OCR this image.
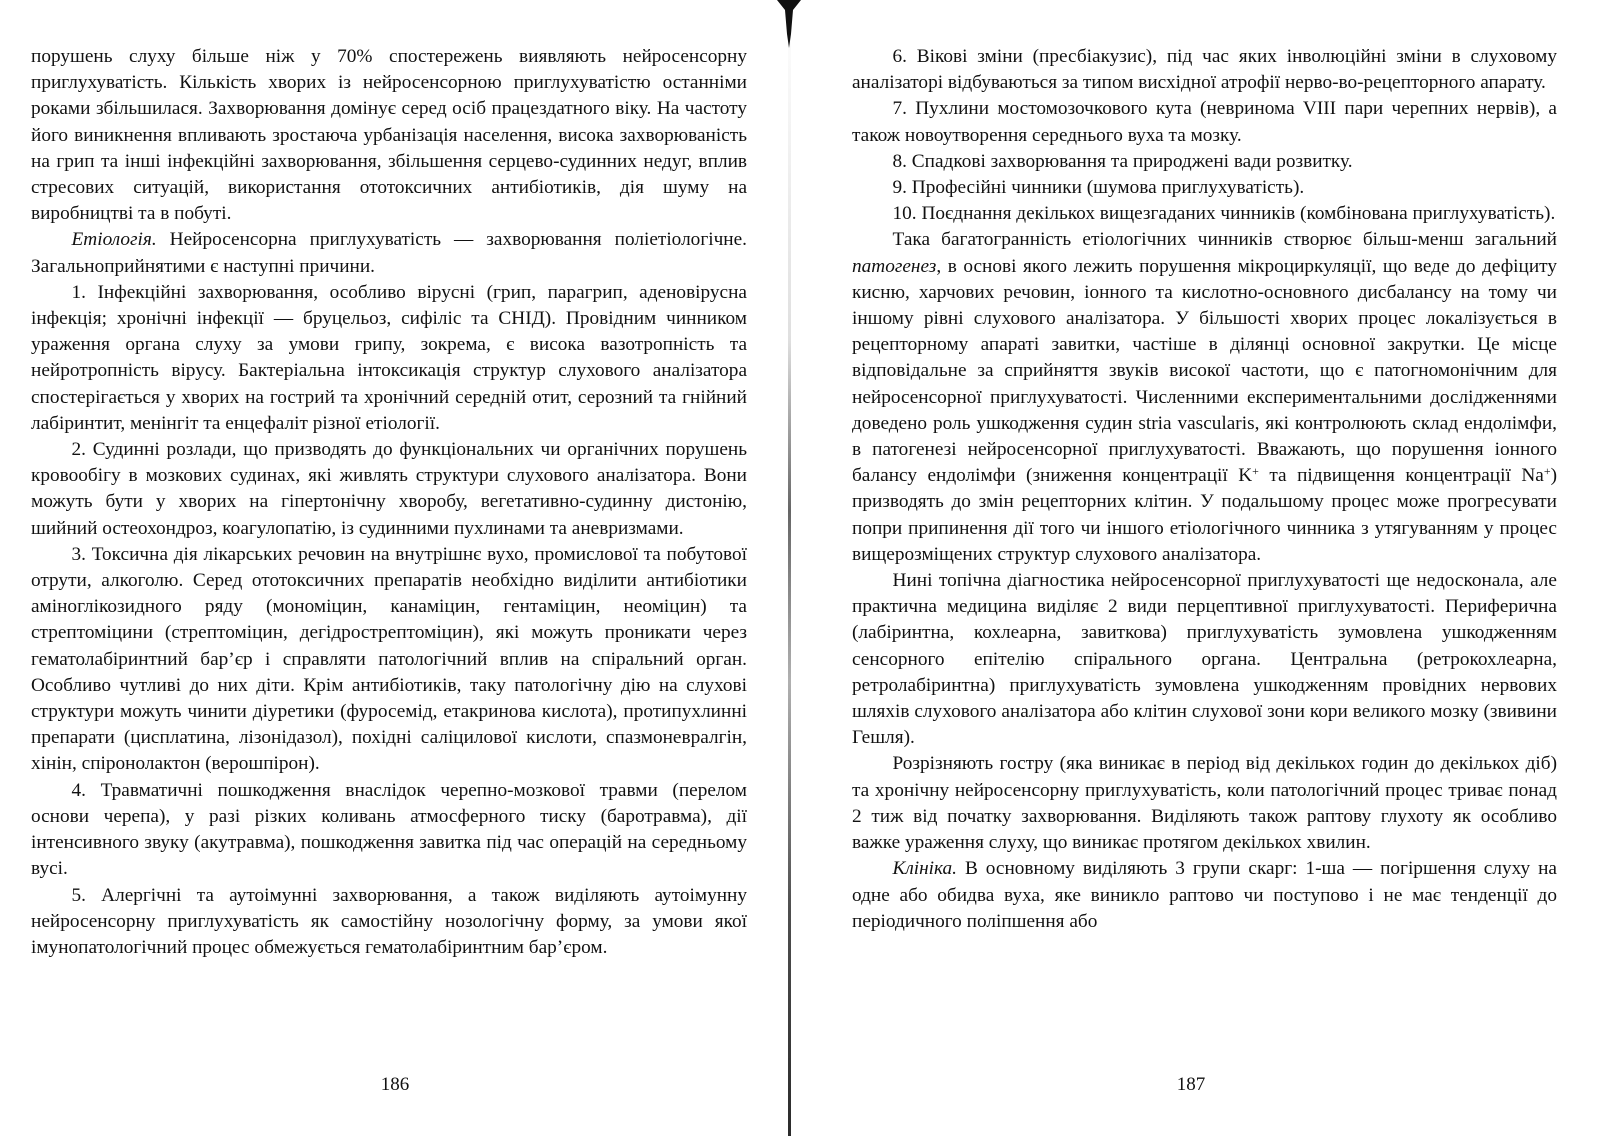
порушень слуху більше ніж у 70% спостережень виявляють нейросенсорну приглухуватість. Кількість хворих із нейросенсорною приглухуватістю останніми роками збільшилася. Захворювання домінує серед осіб працездатного віку. На частоту його виникнення впливають зростаюча урбанізація населення, висока захворюваність на грип та інші інфекційні захворювання, збільшення серцево-судинних недуг, вплив стресових ситуацій, використання ототоксичних антибіотиків, дія шуму на виробництві та в побуті.

Етіологія. Нейросенсорна приглухуватість — захворювання поліетіологічне. Загальноприйнятими є наступні причини.

1. Інфекційні захворювання, особливо вірусні (грип, парагрип, аденовірусна інфекція; хронічні інфекції — бруцельоз, сифіліс та СНІД). Провідним чинником ураження органа слуху за умови грипу, зокрема, є висока вазотропність та нейротропність вірусу. Бактеріальна інтоксикація структур слухового аналізатора спостерігається у хворих на гострий та хронічний середній отит, серозний та гнійний лабіринтит, менінгіт та енцефаліт різної етіології.

2. Судинні розлади, що призводять до функціональних чи органічних порушень кровообігу в мозкових судинах, які живлять структури слухового аналізатора. Вони можуть бути у хворих на гіпертонічну хворобу, вегетативно-судинну дистонію, шийний остеохондроз, коагулопатію, із судинними пухлинами та аневризмами.

3. Токсична дія лікарських речовин на внутрішнє вухо, промислової та побутової отрути, алкоголю. Серед ототоксичних препаратів необхідно виділити антибіотики аміноглікозидного ряду (мономіцин, канаміцин, гентаміцин, неоміцин) та стрептоміцини (стрептоміцин, дегідрострептоміцин), які можуть проникати через гематолабіринтний бар’єр і справляти патологічний вплив на спіральний орган. Особливо чутливі до них діти. Крім антибіотиків, таку патологічну дію на слухові структури можуть чинити діуретики (фуросемід, етакринова кислота), протипухлинні препарати (цисплатина, лізонідазол), похідні саліцилової кислоти, спазмоневралгін, хінін, спіронолактон (верошпірон).

4. Травматичні пошкодження внаслідок черепно-мозкової травми (перелом основи черепа), у разі різких коливань атмосферного тиску (баротравма), дії інтенсивного звуку (акутравма), пошкодження завитка під час операцій на середньому вусі.

5. Алергічні та аутоімунні захворювання, а також виділяють аутоімунну нейросенсорну приглухуватість як самостійну нозологічну форму, за умови якої імунопатологічний процес обмежується гематолабіринтним бар’єром.

186

6. Вікові зміни (пресбіакузис), під час яких інволюційні зміни в слуховому аналізаторі відбуваються за типом висхідної атрофії нерво-во-рецепторного апарату.

7. Пухлини мостомозочкового кута (невринома VIII пари черепних нервів), а також новоутворення середнього вуха та мозку.

8. Спадкові захворювання та природжені вади розвитку.

9. Професійні чинники (шумова приглухуватість).

10. Поєднання декількох вищезгаданих чинників (комбінована приглухуватість).

Така багатогранність етіологічних чинників створює більш-менш загальний патогенез, в основі якого лежить порушення мікроциркуляції, що веде до дефіциту кисню, харчових речовин, іонного та кислотно-основного дисбалансу на тому чи іншому рівні слухового аналізатора. У більшості хворих процес локалізується в рецепторному апараті завитки, частіше в ділянці основної закрутки. Це місце відповідальне за сприйняття звуків високої частоти, що є патогномонічним для нейросенсорної приглухуватості. Численними експериментальними дослідженнями доведено роль ушкодження судин stria vascularis, які контролюють склад ендолімфи, в патогенезі нейросенсорної приглухуватості. Вважають, що порушення іонного балансу ендолімфи (зниження концентрації K+ та підвищення концентрації Na+) призводять до змін рецепторних клітин. У подальшому процес може прогресувати попри припинення дії того чи іншого етіологічного чинника з утягуванням у процес вищерозміщених структур слухового аналізатора.

Нині топічна діагностика нейросенсорної приглухуватості ще недосконала, але практична медицина виділяє 2 види перцептивної приглухуватості. Периферична (лабіринтна, кохлеарна, завиткова) приглухуватість зумовлена ушкодженням сенсорного епітелію спірального органа. Центральна (ретрокохлеарна, ретролабіринтна) приглухуватість зумовлена ушкодженням провідних нервових шляхів слухового аналізатора або клітин слухової зони кори великого мозку (звивини Гешля).

Розрізняють гостру (яка виникає в період від декількох годин до декількох діб) та хронічну нейросенсорну приглухуватість, коли патологічний процес триває понад 2 тиж від початку захворювання. Виділяють також раптову глухоту як особливо важке ураження слуху, що виникає протягом декількох хвилин.

Клініка. В основному виділяють 3 групи скарг: 1-ша — погіршення слуху на одне або обидва вуха, яке виникло раптово чи поступово і не має тенденції до періодичного поліпшення або

187
